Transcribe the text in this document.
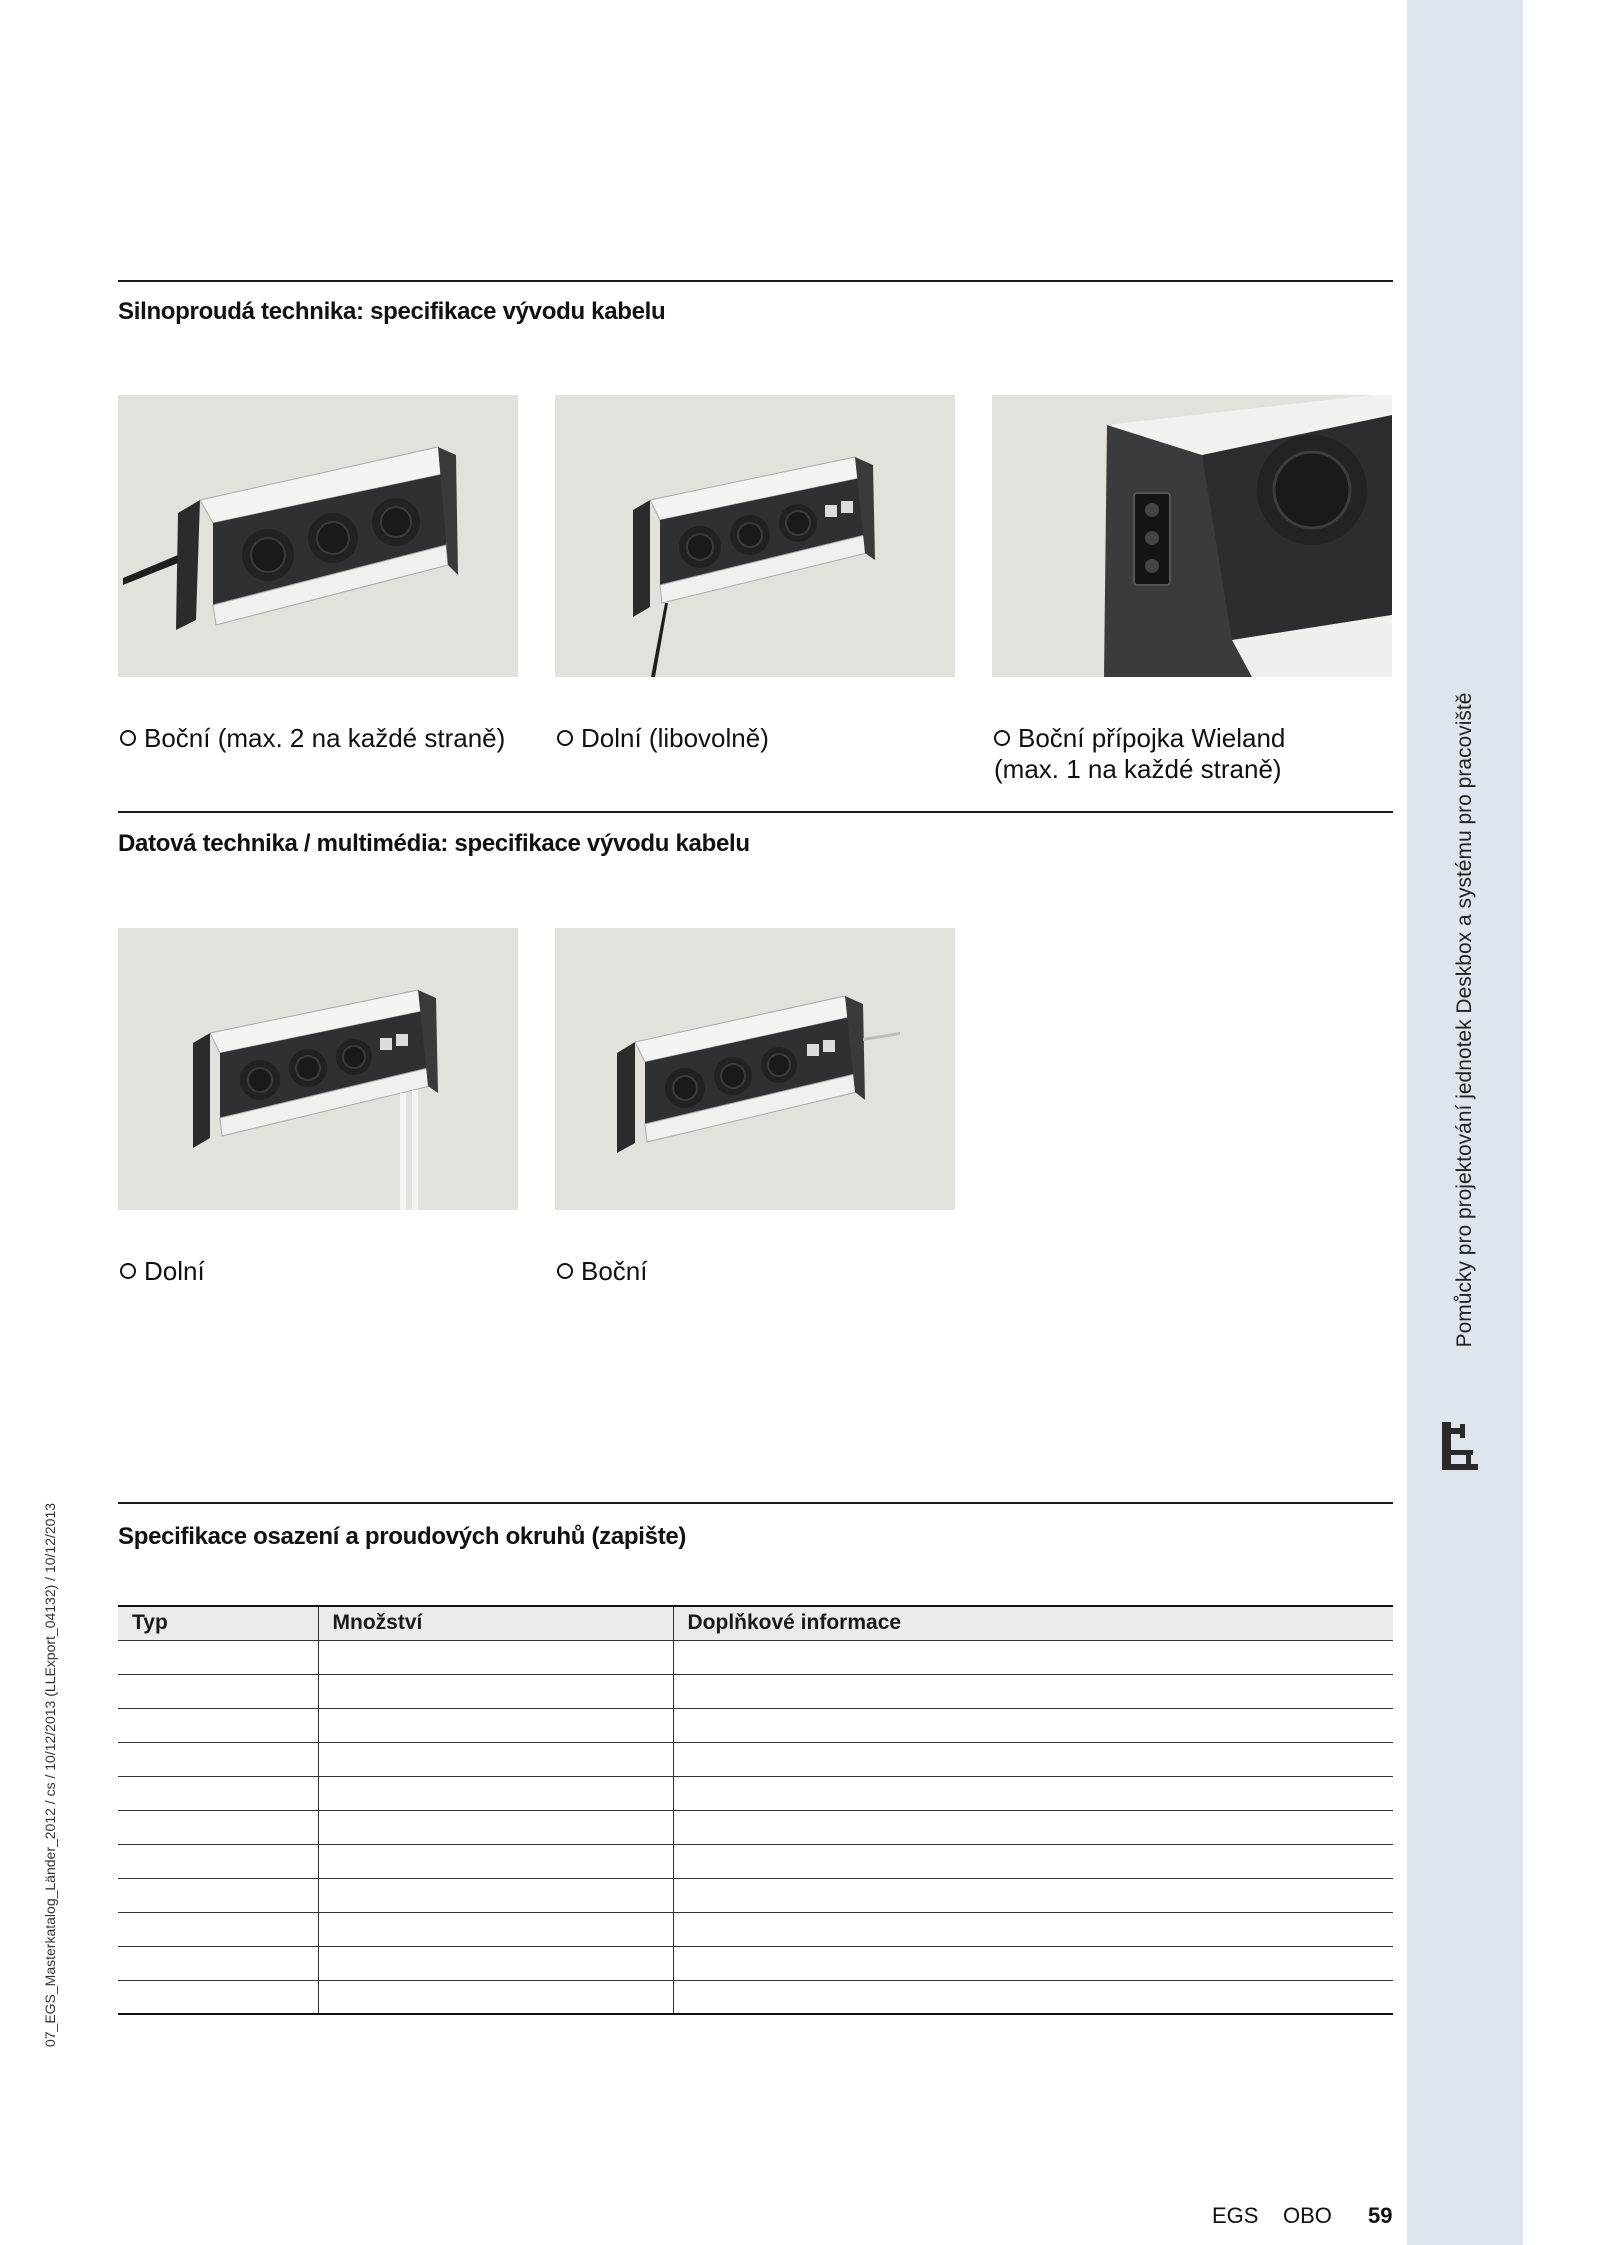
Pomůcky pro projektování jednotek Deskbox a systému pro pracoviště
07_EGS_Masterkatalog_Länder_2012 / cs / 10/12/2013 (LLExport_04132) / 10/12/2013
Silnoproudá technika: specifikace vývodu kabelu
Boční (max. 2 na každé straně)	Dolní (libovolně)	Boční přípojka Wieland
(max. 1 na každé straně)
Datová technika / multimédia: specifikace vývodu kabelu
Dolní	Boční
Specifikace osazení a proudových okruhů (zapište)
Typ	Množství	Doplňkové informace

EGS OBO 59
